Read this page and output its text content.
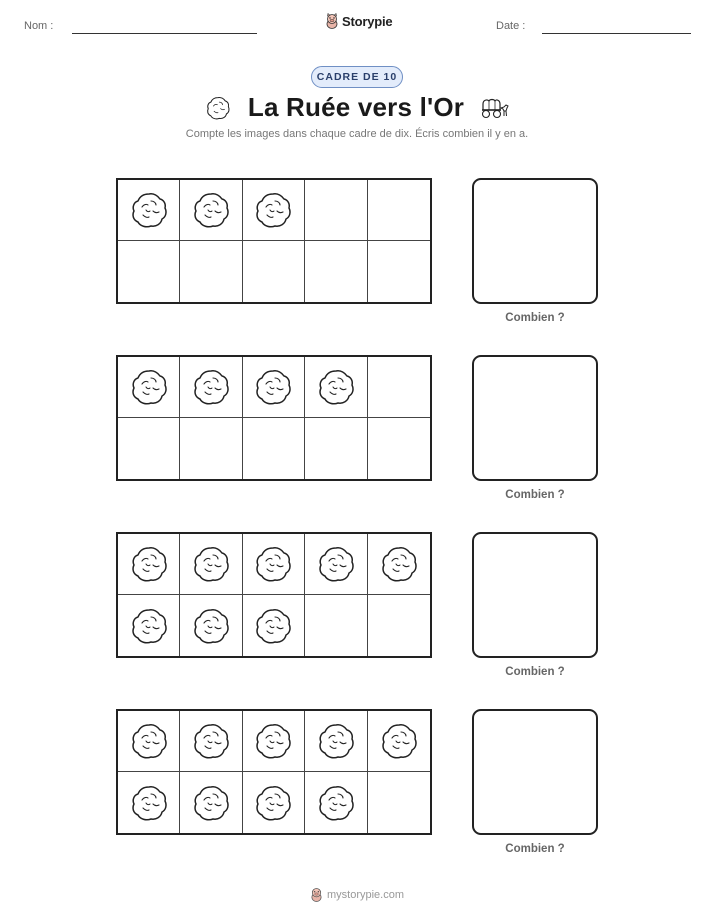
Nom :	Storypie	Date :
CADRE DE 10
La Ruée vers l'Or
Compte les images dans chaque cadre de dix. Écris combien il y en a.
Combien ?
Combien ?
Combien ?
Combien ?
mystorypie.com
